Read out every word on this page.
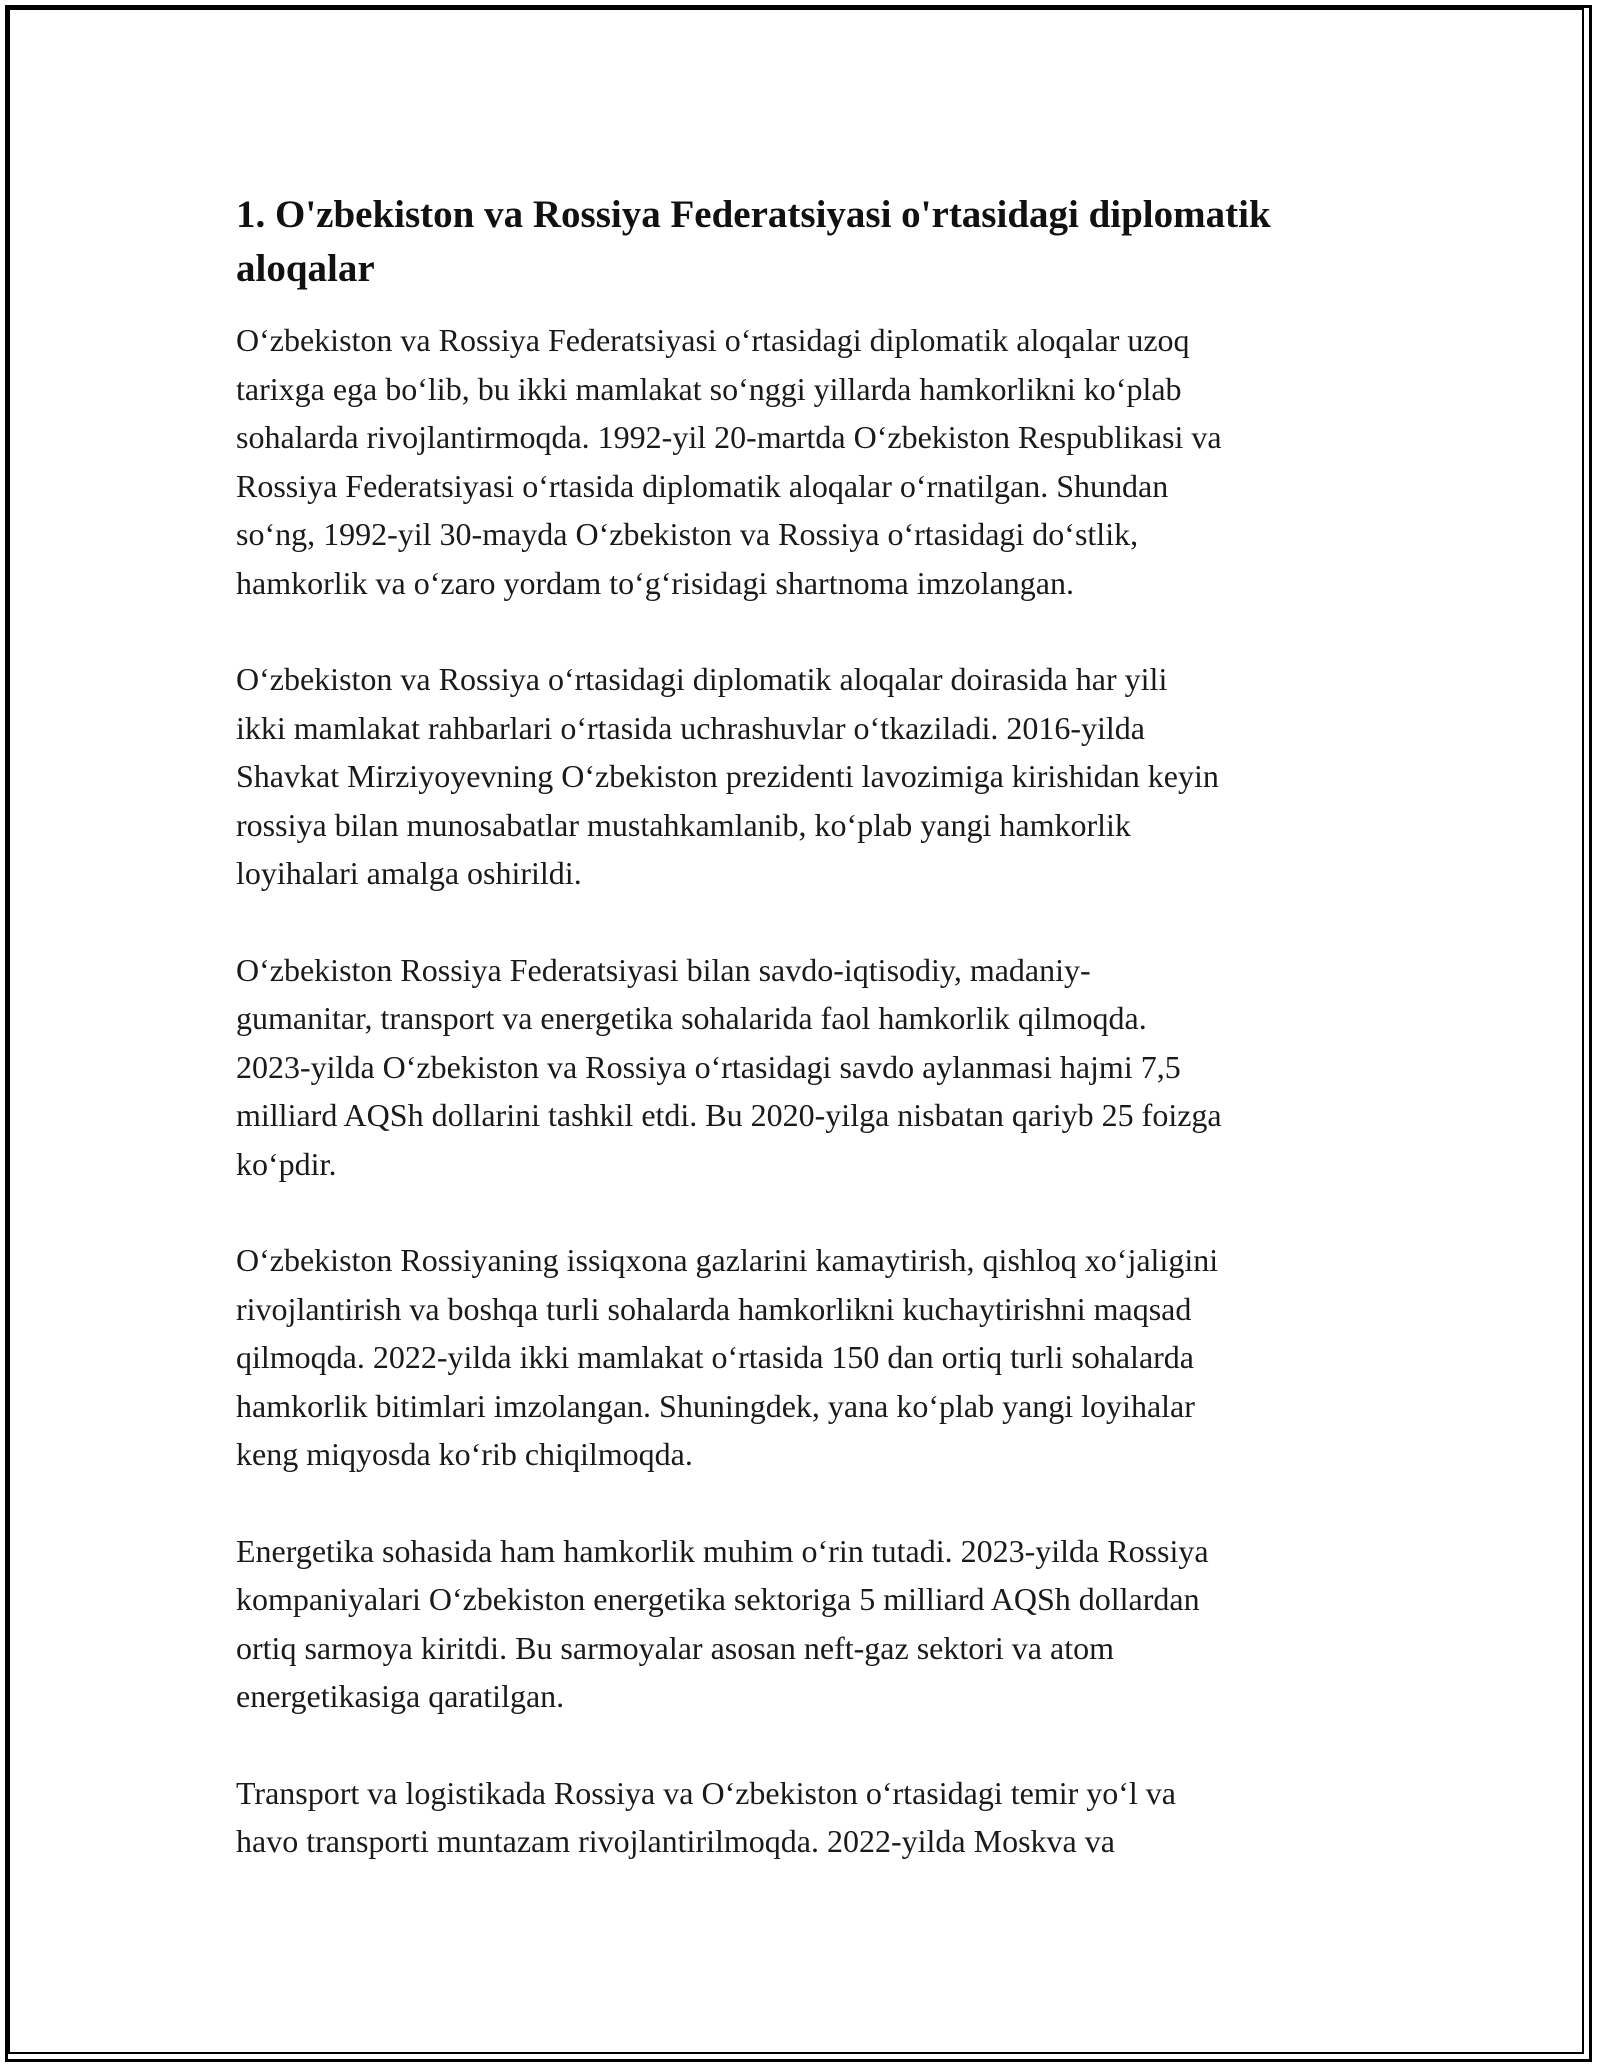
1. O'zbekiston va Rossiya Federatsiyasi o'rtasidagi diplomatik
aloqalar
O‘zbekiston va Rossiya Federatsiyasi o‘rtasidagi diplomatik aloqalar uzoq
tarixga ega bo‘lib, bu ikki mamlakat so‘nggi yillarda hamkorlikni ko‘plab
sohalarda rivojlantirmoqda. 1992-yil 20-martda O‘zbekiston Respublikasi va
Rossiya Federatsiyasi o‘rtasida diplomatik aloqalar o‘rnatilgan. Shundan
so‘ng, 1992-yil 30-mayda O‘zbekiston va Rossiya o‘rtasidagi do‘stlik,
hamkorlik va o‘zaro yordam to‘g‘risidagi shartnoma imzolangan.
O‘zbekiston va Rossiya o‘rtasidagi diplomatik aloqalar doirasida har yili
ikki mamlakat rahbarlari o‘rtasida uchrashuvlar o‘tkaziladi. 2016-yilda
Shavkat Mirziyoyevning O‘zbekiston prezidenti lavozimiga kirishidan keyin
rossiya bilan munosabatlar mustahkamlanib, ko‘plab yangi hamkorlik
loyihalari amalga oshirildi.
O‘zbekiston Rossiya Federatsiyasi bilan savdo-iqtisodiy, madaniy-
gumanitar, transport va energetika sohalarida faol hamkorlik qilmoqda.
2023-yilda O‘zbekiston va Rossiya o‘rtasidagi savdo aylanmasi hajmi 7,5
milliard AQSh dollarini tashkil etdi. Bu 2020-yilga nisbatan qariyb 25 foizga
ko‘pdir.
O‘zbekiston Rossiyaning issiqxona gazlarini kamaytirish, qishloq xo‘jaligini
rivojlantirish va boshqa turli sohalarda hamkorlikni kuchaytirishni maqsad
qilmoqda. 2022-yilda ikki mamlakat o‘rtasida 150 dan ortiq turli sohalarda
hamkorlik bitimlari imzolangan. Shuningdek, yana ko‘plab yangi loyihalar
keng miqyosda ko‘rib chiqilmoqda.
Energetika sohasida ham hamkorlik muhim o‘rin tutadi. 2023-yilda Rossiya
kompaniyalari O‘zbekiston energetika sektoriga 5 milliard AQSh dollardan
ortiq sarmoya kiritdi. Bu sarmoyalar asosan neft-gaz sektori va atom
energetikasiga qaratilgan.
Transport va logistikada Rossiya va O‘zbekiston o‘rtasidagi temir yo‘l va
havo transporti muntazam rivojlantirilmoqda. 2022-yilda Moskva va
